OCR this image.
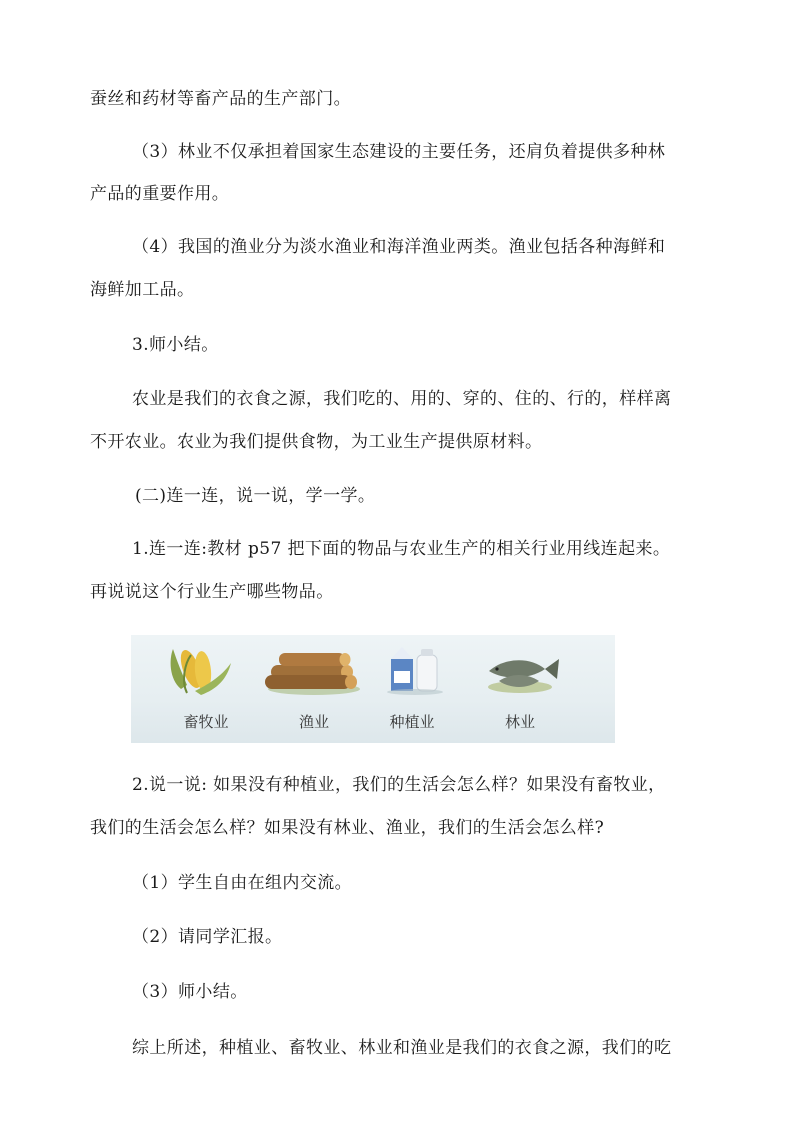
蚕丝和药材等畜产品的生产部门。
（3）林业不仅承担着国家生态建设的主要任务，还肩负着提供多种林
产品的重要作用。
（4）我国的渔业分为淡水渔业和海洋渔业两类。渔业包括各种海鲜和
海鲜加工品。
3.师小结。
农业是我们的衣食之源，我们吃的、用的、穿的、住的、行的，样样离
不开农业。农业为我们提供食物，为工业生产提供原材料。
(二)连一连，说一说，学一学。
1.连一连:教材 p57 把下面的物品与农业生产的相关行业用线连起来。
再说说这个行业生产哪些物品。
畜牧业	渔业	种植业	林业
2.说一说: 如果没有种植业，我们的生活会怎么样？如果没有畜牧业，
我们的生活会怎么样？如果没有林业、渔业，我们的生活会怎么样?
（1）学生自由在组内交流。
（2）请同学汇报。
（3）师小结。
综上所述，种植业、畜牧业、林业和渔业是我们的衣食之源，我们的吃
